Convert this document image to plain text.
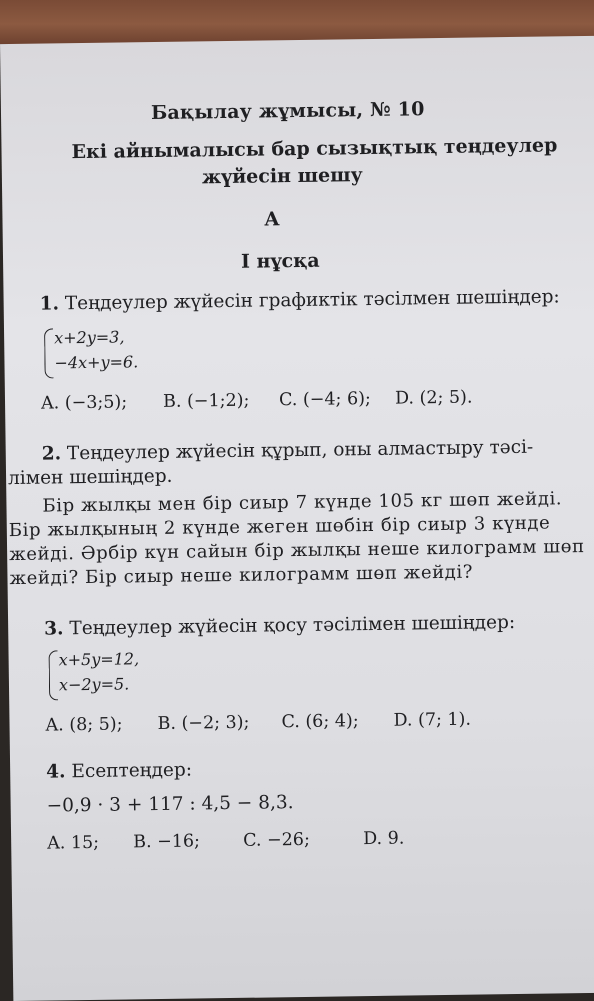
Бақылау жұмысы, № 10
Екі айнымалысы бар сызықтық теңдеулер
жүйесін шешу
A
I нұсқа
1. Теңдеулер жүйесін графиктік тәсілмен шешіңдер:
x+2y=3,
−4x+y=6.
A. (−3;5); B. (−1;2); C. (−4; 6); D. (2; 5).
2. Теңдеулер жүйесін құрып, оны алмастыру тәсі-
лімен шешіңдер.
Бір жылқы мен бір сиыр 7 күнде 105 кг шөп жейді.
Бір жылқының 2 күнде жеген шөбін бір сиыр 3 күнде
жейді. Әрбір күн сайын бір жылқы неше килограмм шөп
жейді? Бір сиыр неше килограмм шөп жейді?
3. Теңдеулер жүйесін қосу тәсілімен шешіңдер:
x+5y=12,
x−2y=5.
A. (8; 5); B. (−2; 3); C. (6; 4); D. (7; 1).
4. Есептеңдер:
−0,9 · 3 + 117 : 4,5 − 8,3.
A. 15; B. −16; C. −26;	D. 9.
